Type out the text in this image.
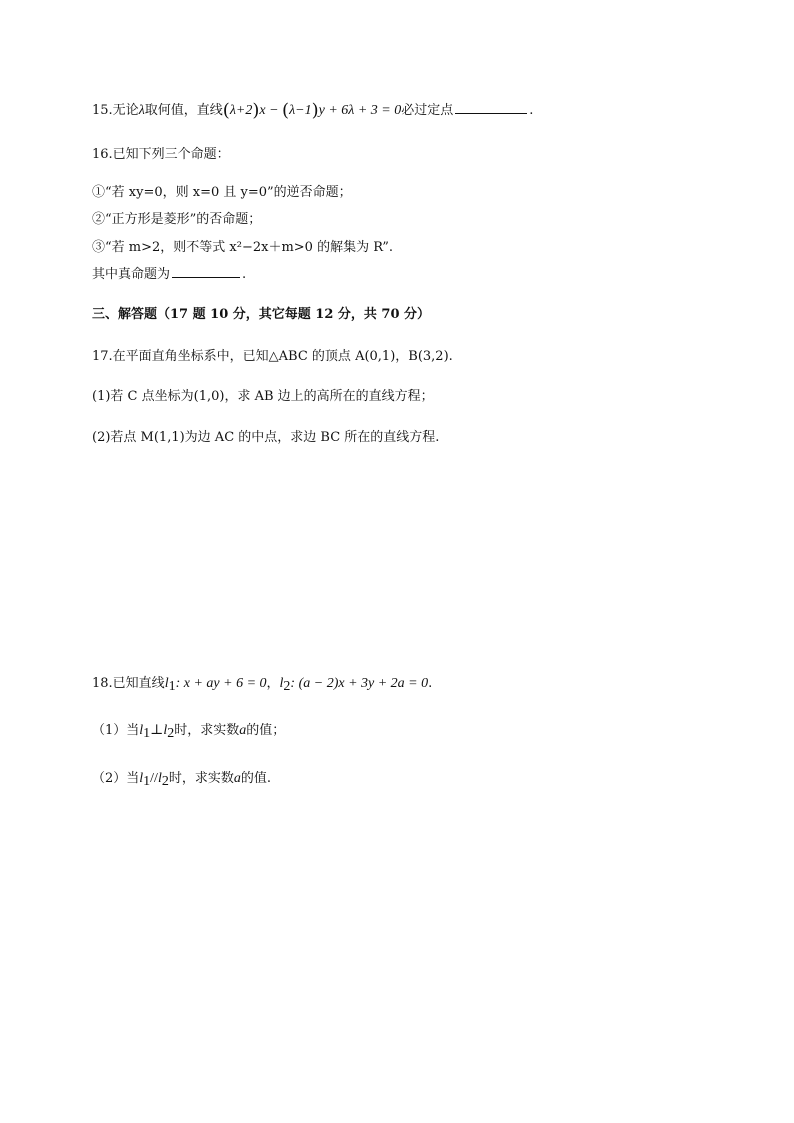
15.无论λ取何值，直线(λ+2)x − (λ−1)y + 6λ + 3 = 0必过定点	.
16.已知下列三个命题：
①“若 xy=0，则 x=0 且 y=0”的逆否命题；
②“正方形是菱形”的否命题；
③“若 m>2，则不等式 x²−2x＋m>0 的解集为 R”.
其中真命题为	.
三、解答题（17 题 10 分，其它每题 12 分，共 70 分）
17.在平面直角坐标系中，已知△ABC 的顶点 A(0,1)，B(3,2).
(1)若 C 点坐标为(1,0)，求 AB 边上的高所在的直线方程；
(2)若点 M(1,1)为边 AC 的中点，求边 BC 所在的直线方程.
18.已知直线$l_1$: x + ay + 6 = 0，$l_2$: (a − 2)x + 3y + 2a = 0.
（1）当$l_1\perp l_2$时，求实数a的值；
（2）当$l_1//l_2$时，求实数a的值.
